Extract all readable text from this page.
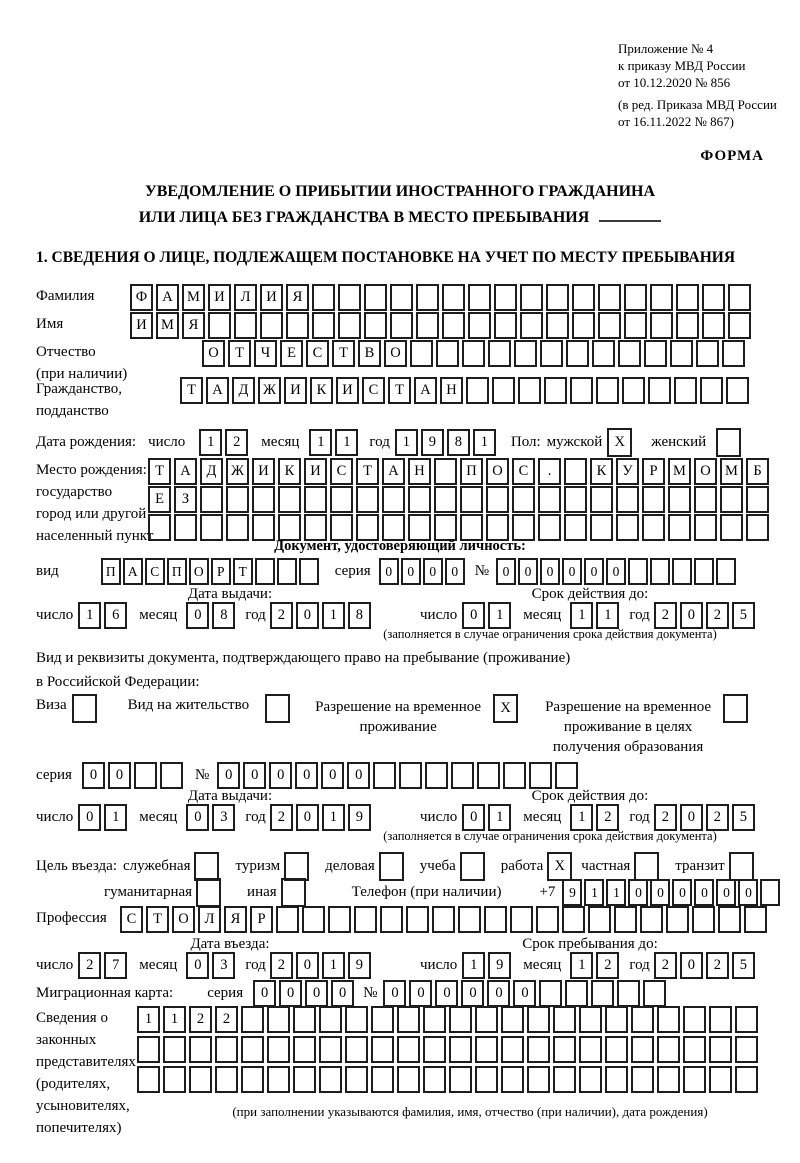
Приложение № 4
к приказу МВД России
от 10.12.2020 № 856
(в ред. Приказа МВД России
от 16.11.2022 № 867)
ФОРМА
УВЕДОМЛЕНИЕ О ПРИБЫТИИ ИНОСТРАННОГО ГРАЖДАНИНА
ИЛИ ЛИЦА БЕЗ ГРАЖДАНСТВА В МЕСТО ПРЕБЫВАНИЯ
1. СВЕДЕНИЯ О ЛИЦЕ, ПОДЛЕЖАЩЕМ ПОСТАНОВКЕ НА УЧЕТ ПО МЕСТУ ПРЕБЫВАНИЯ
Фамилия	Ф А М И Л И Я
Имя	И М Я
Отчество
(при наличии)
О Т Ч Е С Т В О
Гражданство,
подданство
Т А Д Ж И К И С Т А Н
Дата рождения: число	1 2	месяц	1 1	год 1 9 8 1	Пол: мужской X	женский
Место рождения:
государство
город или другой
населенный пункт
Т А Д Ж И К И С Т А Н	П О С .	К У Р М О М Б
Е З
Документ, удостоверяющий личность:
вид	П А С П О Р Т	серия	0 0 0 0	№	0 0 0 0 0 0
Дата выдачи:	Срок действия до:
число 1 6	месяц	0 8	год 2 0 1 8	число 0 1	месяц	1 1	год 2 0 2 5
(заполняется в случае ограничения срока действия документа)
Вид и реквизиты документа, подтверждающего право на пребывание (проживание)
в Российской Федерации:
Виза	Вид на жительство	Разрешение на временное
проживание
X	Разрешение на временное
проживание в целях
получения образования
серия	0 0	№	0 0 0 0 0 0
Дата выдачи:	Срок действия до:
число 0 1	месяц	0 3	год 2 0 1 9	число 0 1	месяц	1 2	год 2 0 2 5
(заполняется в случае ограничения срока действия документа)
Цель въезда: служебная	туризм	деловая	учеба	работа X	частная	транзит
гуманитарная	иная	Телефон (при наличии)	+7	9 1 1 0 0 0 0 0 0
Профессия	С Т О Л Я Р
Дата въезда:	Срок пребывания до:
число 2 7	месяц	0 3	год 2 0 1 9	число 1 9	месяц	1 2	год 2 0 2 5
Миграционная карта: серия	0 0 0 0	№ 0 0 0 0 0 0
Сведения о
законных
представителях
(родителях,
усыновителях,
попечителях)
1 1 2 2
(при заполнении указываются фамилия, имя, отчество (при наличии), дата рождения)
